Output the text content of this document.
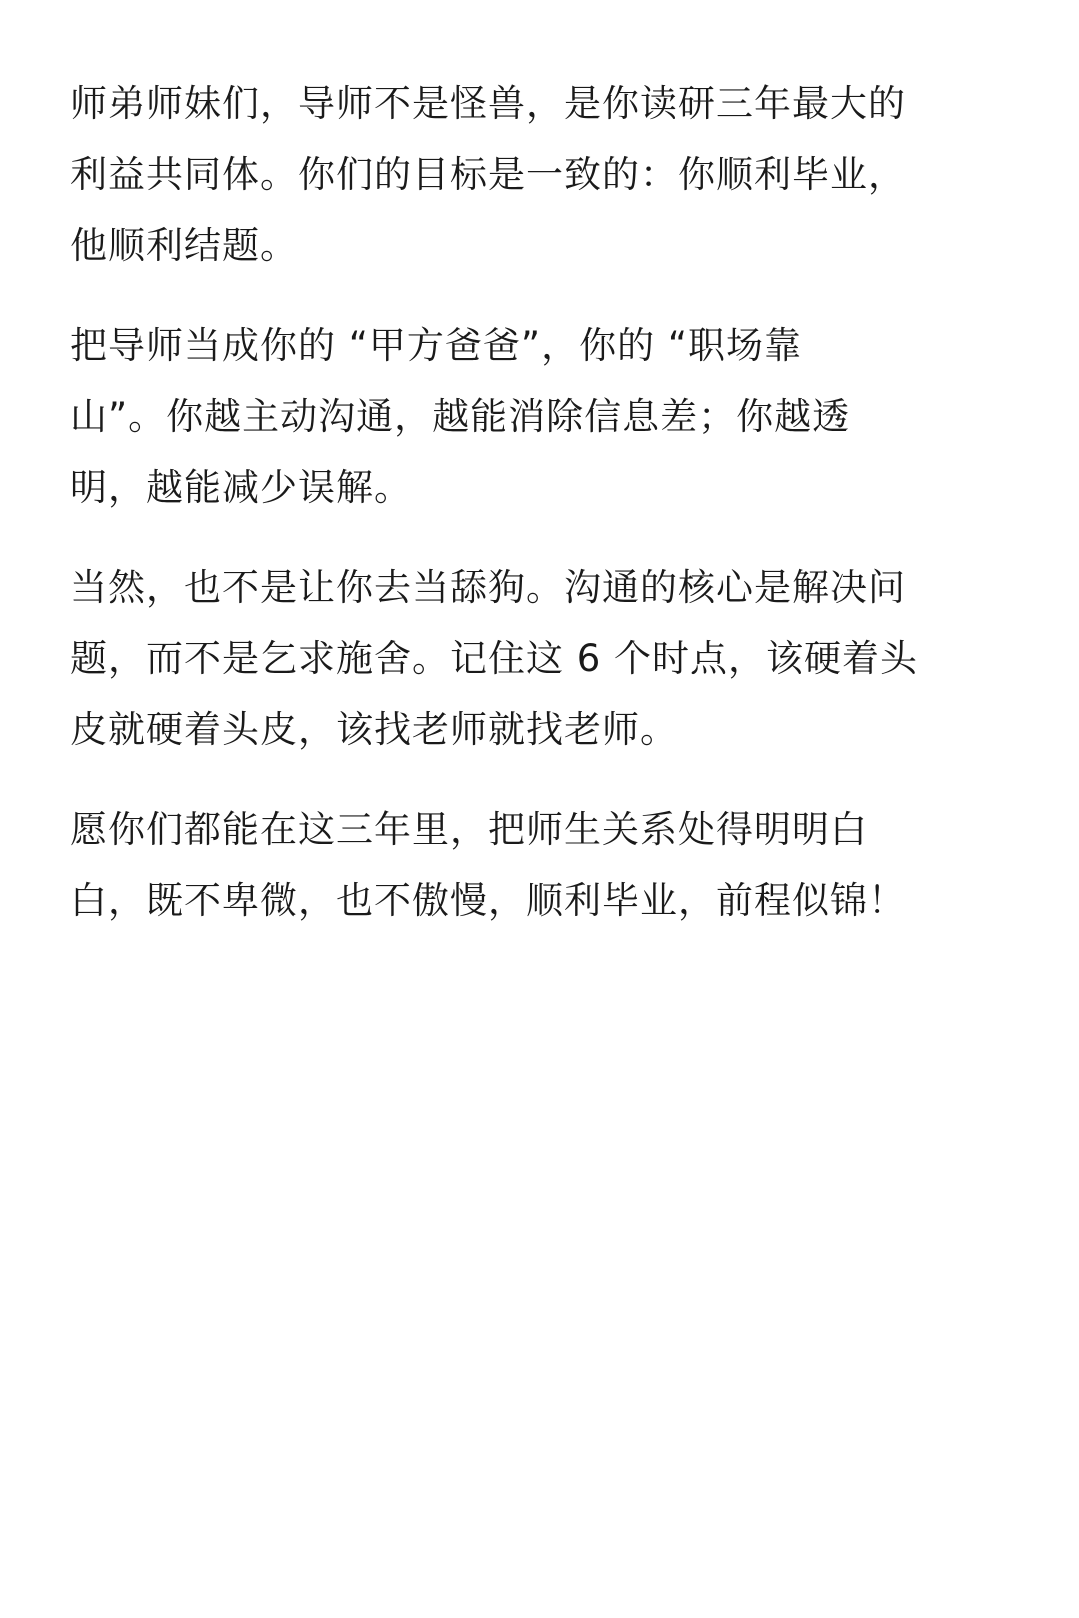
师弟师妹们，导师不是怪兽，是你读研三年最大的
利益共同体。你们的目标是一致的：你顺利毕业，
他顺利结题。

把导师当成你的 “甲方爸爸”，你的 “职场靠
山”。你越主动沟通，越能消除信息差；你越透
明，越能减少误解。

当然，也不是让你去当舔狗。沟通的核心是解决问
题，而不是乞求施舍。记住这 6 个时点，该硬着头
皮就硬着头皮，该找老师就找老师。

愿你们都能在这三年里，把师生关系处得明明白
白，既不卑微，也不傲慢，顺利毕业，前程似锦！
